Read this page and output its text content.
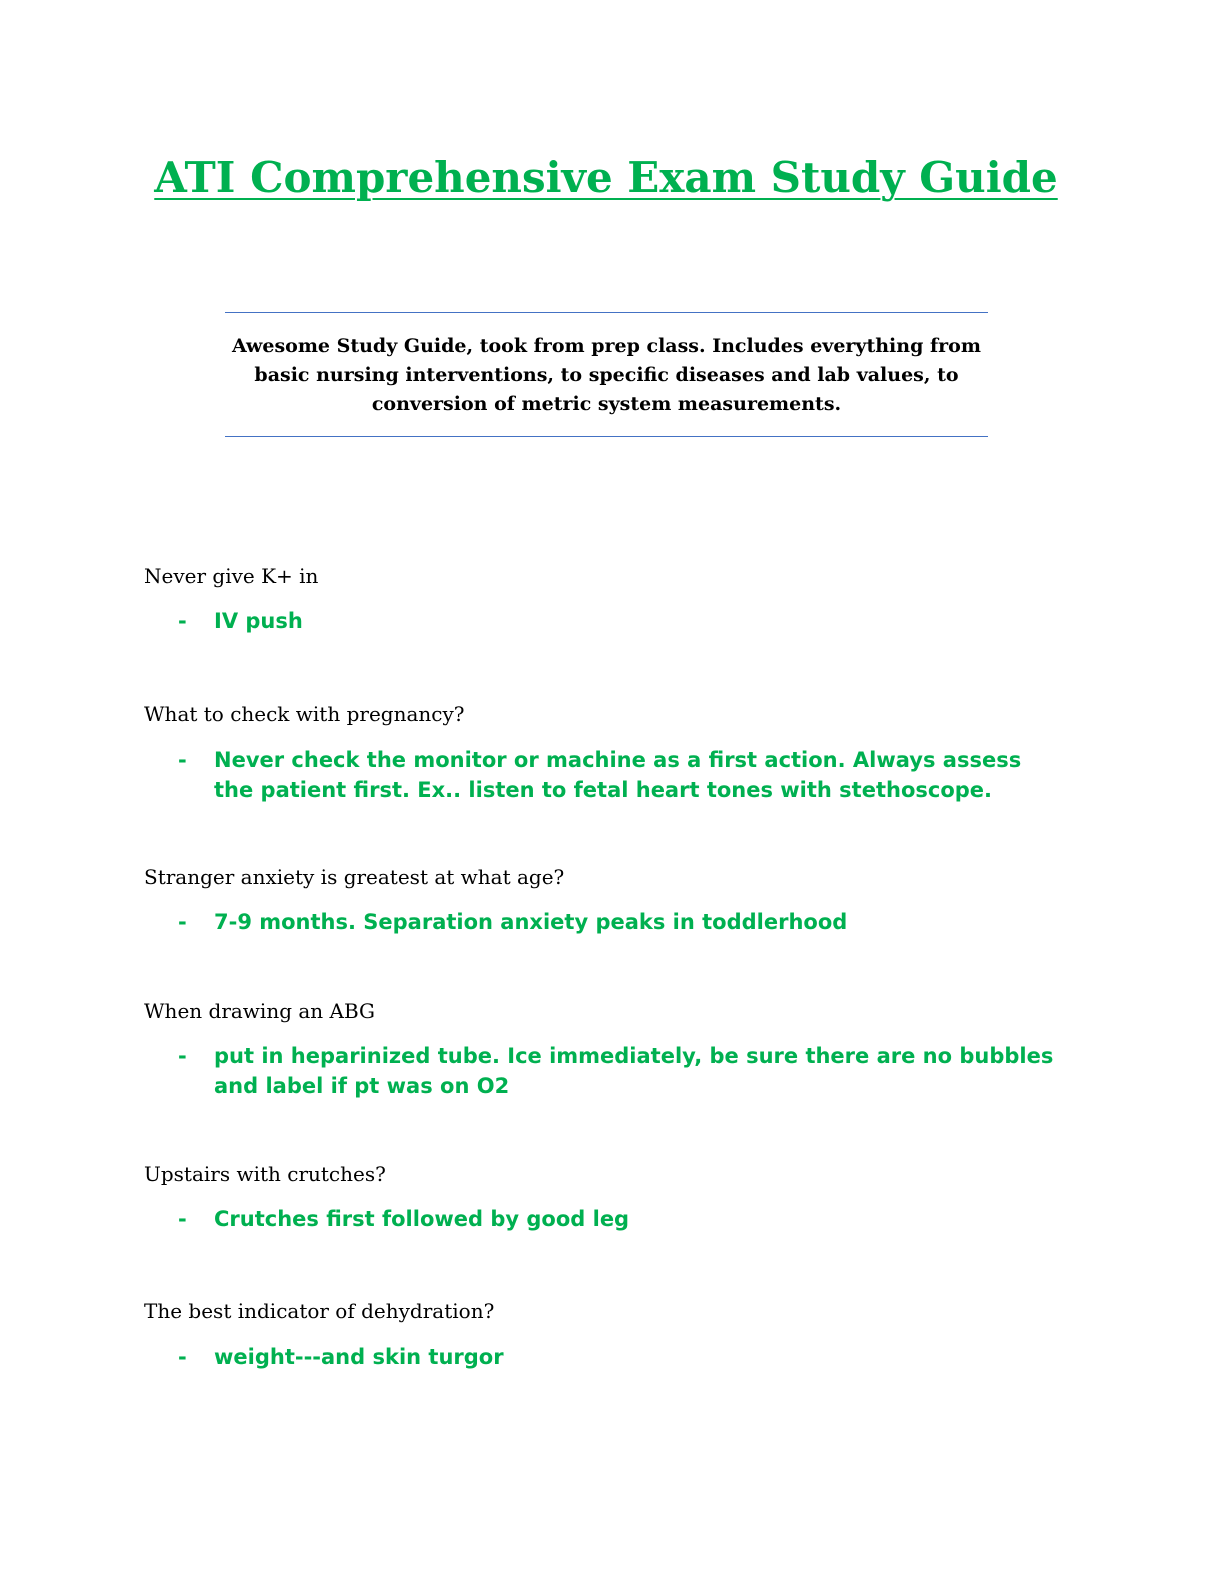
ATI Comprehensive Exam Study Guide

Awesome Study Guide, took from prep class. Includes everything from basic nursing interventions, to specific diseases and lab values, to conversion of metric system measurements.

Never give K+ in

-	IV push

What to check with pregnancy?

-	Never check the monitor or machine as a first action. Always assess the patient first. Ex.. listen to fetal heart tones with stethoscope.

Stranger anxiety is greatest at what age?

-	7-9 months. Separation anxiety peaks in toddlerhood

When drawing an ABG

-	put in heparinized tube. Ice immediately, be sure there are no bubbles and label if pt was on O2

Upstairs with crutches?

-	Crutches first followed by good leg

The best indicator of dehydration?

-	weight---and skin turgor
